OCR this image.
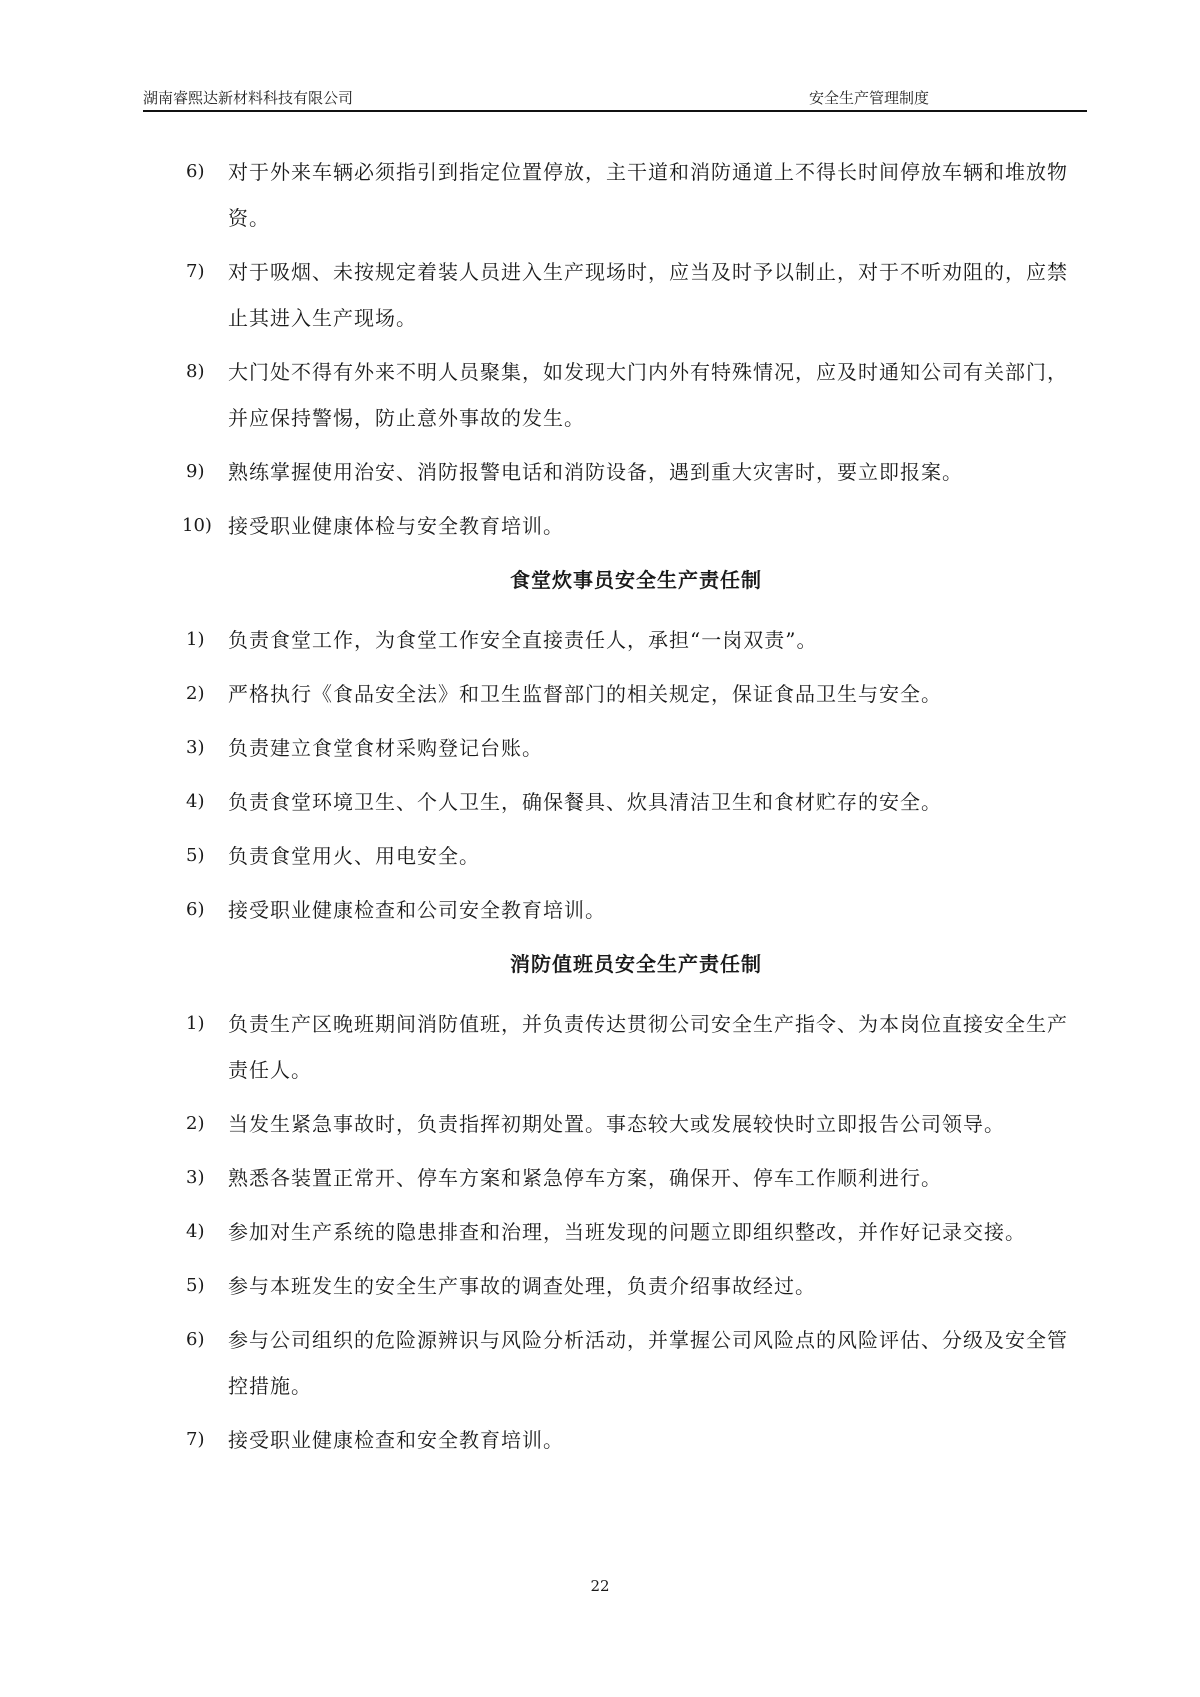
湖南睿熙达新材料科技有限公司	安全生产管理制度
6) 对于外来车辆必须指引到指定位置停放，主干道和消防通道上不得长时间停放车辆和堆放物资。
7) 对于吸烟、未按规定着装人员进入生产现场时，应当及时予以制止，对于不听劝阻的，应禁止其进入生产现场。
8) 大门处不得有外来不明人员聚集，如发现大门内外有特殊情况，应及时通知公司有关部门，并应保持警惕，防止意外事故的发生。
9) 熟练掌握使用治安、消防报警电话和消防设备，遇到重大灾害时，要立即报案。
10) 接受职业健康体检与安全教育培训。
食堂炊事员安全生产责任制
1) 负责食堂工作，为食堂工作安全直接责任人，承担“一岗双责”。
2) 严格执行《食品安全法》和卫生监督部门的相关规定，保证食品卫生与安全。
3) 负责建立食堂食材采购登记台账。
4) 负责食堂环境卫生、个人卫生，确保餐具、炊具清洁卫生和食材贮存的安全。
5) 负责食堂用火、用电安全。
6) 接受职业健康检查和公司安全教育培训。
消防值班员安全生产责任制
1) 负责生产区晚班期间消防值班，并负责传达贯彻公司安全生产指令、为本岗位直接安全生产责任人。
2) 当发生紧急事故时，负责指挥初期处置。事态较大或发展较快时立即报告公司领导。
3) 熟悉各装置正常开、停车方案和紧急停车方案，确保开、停车工作顺利进行。
4) 参加对生产系统的隐患排查和治理，当班发现的问题立即组织整改，并作好记录交接。
5) 参与本班发生的安全生产事故的调查处理，负责介绍事故经过。
6) 参与公司组织的危险源辨识与风险分析活动，并掌握公司风险点的风险评估、分级及安全管控措施。
7) 接受职业健康检查和安全教育培训。
22
